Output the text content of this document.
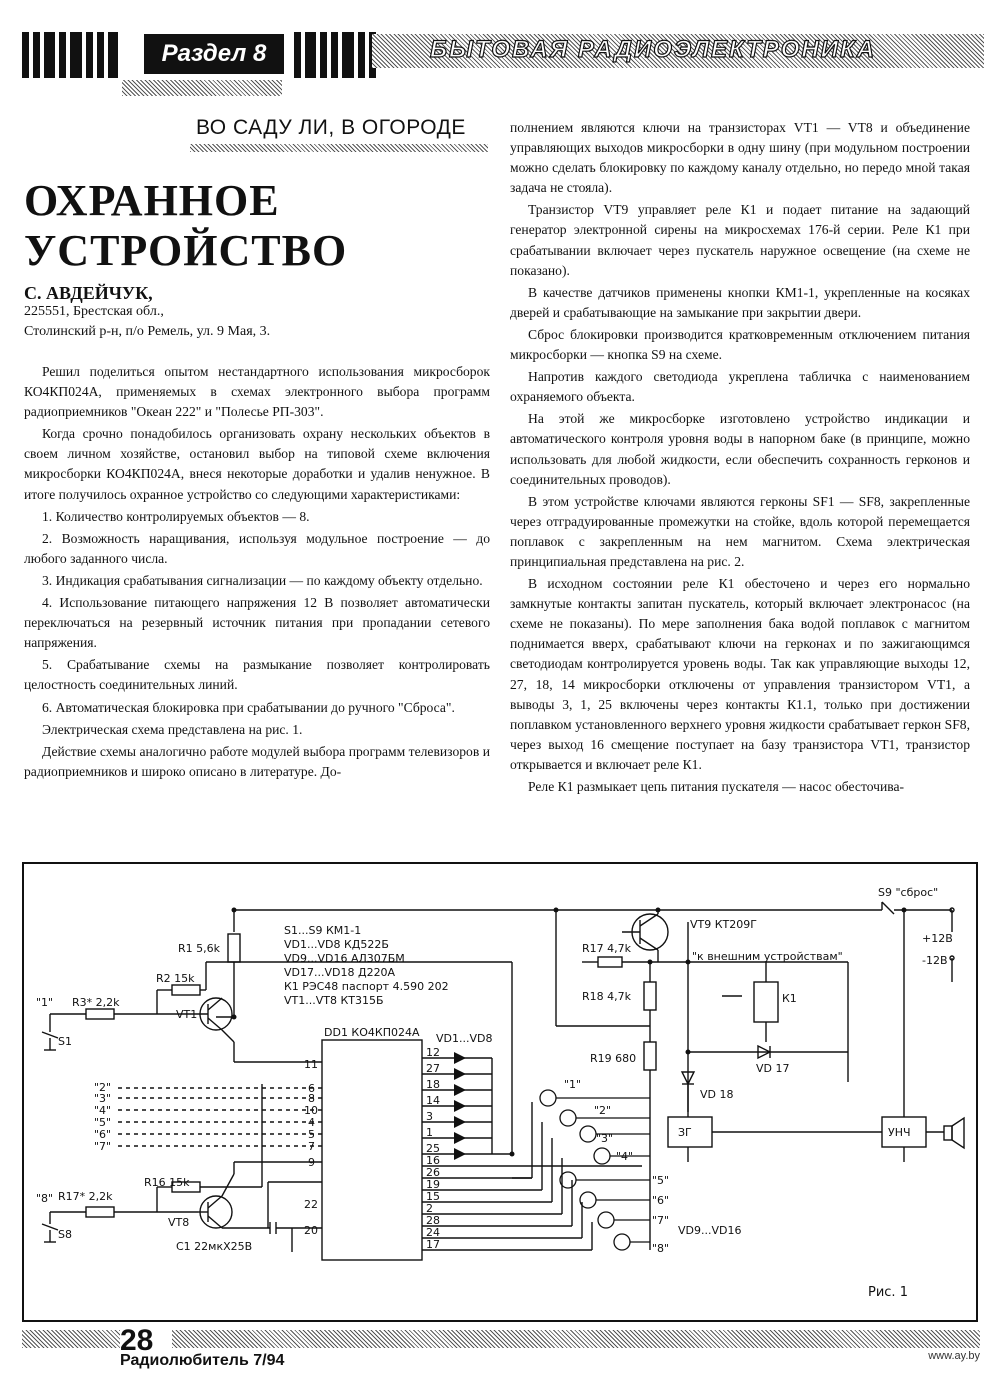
Раздел 8	БЫТОВАЯ РАДИОЭЛЕКТРОНИКА
ВО САДУ ЛИ, В ОГОРОДЕ
ОХРАННОЕ
УСТРОЙСТВО
С. АВДЕЙЧУК,
225551, Брестская обл.,
Столинский р-н, п/о Ремель, ул. 9 Мая, 3.

Решил поделиться опытом нестандартного использования микросборок КО4КП024А, применяемых в схемах электронного выбора программ радиоприемников "Океан 222" и "Полесье РП-303".

Когда срочно понадобилось организовать охрану нескольких объектов в своем личном хозяйстве, остановил выбор на типовой схеме включения микросборки КО4КП024А, внеся некоторые доработки и удалив ненужное. В итоге получилось охранное устройство со следующими характеристиками:

1. Количество контролируемых объектов — 8.

2. Возможность наращивания, используя модульное построение — до любого заданного числа.

3. Индикация срабатывания сигнализации — по каждому объекту отдельно.

4. Использование питающего напряжения 12 В позволяет автоматически переключаться на резервный источник питания при пропадании сетевого напряжения.

5. Срабатывание схемы на размыкание позволяет контролировать целостность соединительных линий.

6. Автоматическая блокировка при срабатывании до ручного "Сброса".

Электрическая схема представлена на рис. 1.

Действие схемы аналогично работе модулей выбора программ телевизоров и радиоприемников и широко описано в литературе. До-

полнением являются ключи на транзисторах VT1 — VT8 и объединение управляющих выходов микросборки в одну шину (при модульном построении можно сделать блокировку по каждому каналу отдельно, но передо мной такая задача не стояла).

Транзистор VT9 управляет реле К1 и подает питание на задающий генератор электронной сирены на микросхемах 176-й серии. Реле К1 при срабатывании включает через пускатель наружное освещение (на схеме не показано).

В качестве датчиков применены кнопки КМ1-1, укрепленные на косяках дверей и срабатывающие на замыкание при закрытии двери.

Сброс блокировки производится кратковременным отключением питания микросборки — кнопка S9 на схеме.

Напротив каждого светодиода укреплена табличка с наименованием охраняемого объекта.

На этой же микросборке изготовлено устройство индикации и автоматического контроля уровня воды в напорном баке (в принципе, можно использовать для любой жидкости, если обеспечить сохранность герконов и соединительных проводов).

В этом устройстве ключами являются герконы SF1 — SF8, закрепленные через отградуированные промежутки на стойке, вдоль которой перемещается поплавок с закрепленным на нем магнитом. Схема электрическая принципиальная представлена на рис. 2.

В исходном состоянии реле К1 обесточено и через его нормально замкнутые контакты запитан пускатель, который включает электронасос (на схеме не показаны). По мере заполнения бака водой поплавок с магнитом поднимается вверх, срабатывают ключи на герконах и по зажигающимся светодиодам контролируется уровень воды. Так как управляющие выходы 12, 27, 18, 14 микросборки отключены от управления транзистором VT1, а выводы 3, 1, 25 включены через контакты К1.1, только при достижении поплавком установленного верхнего уровня жидкости срабатывает геркон SF8, через выход 16 смещение поступает на базу транзистора VT1, транзистор открывается и включает реле К1.

Реле К1 размыкает цепь питания пускателя — насос обесточива-

S1...S9 КМ1-1
VD1...VD8 КД522Б
VD9...VD16 АЛ307БМ
VD17...VD18 Д220А
К1 РЭС48 паспорт 4.590 202
VT1...VT8 КТ315Б
DD1 КО4КП024А VD1...VD8
R1 5,6k
R2 15k
R3* 2,2k
VT1
S1
"1"
"2"
"3"
"4"
"5"
"6"
"7"
"8"
S8
R17* 2,2k
R16 15k
VT8
C1 22мкХ25В
11
6
8
10
4
5
7
9
22
20
12
27
18
14
3
1
25
16
26
19
15
2
28
24
17
"1"
"2"
"3"
"4"
"5"
"6"
"7"
"8"
VD9...VD16
R17 4,7k
R18 4,7k
R19 680
VT9 КТ209Г
"к внешним устройствам"
К1
VD 17
VD 18
ЗГ	УНЧ
S9 "сброс"
+12В
-12В
Рис. 1
28
Радиолюбитель 7/94	www.ay.by
